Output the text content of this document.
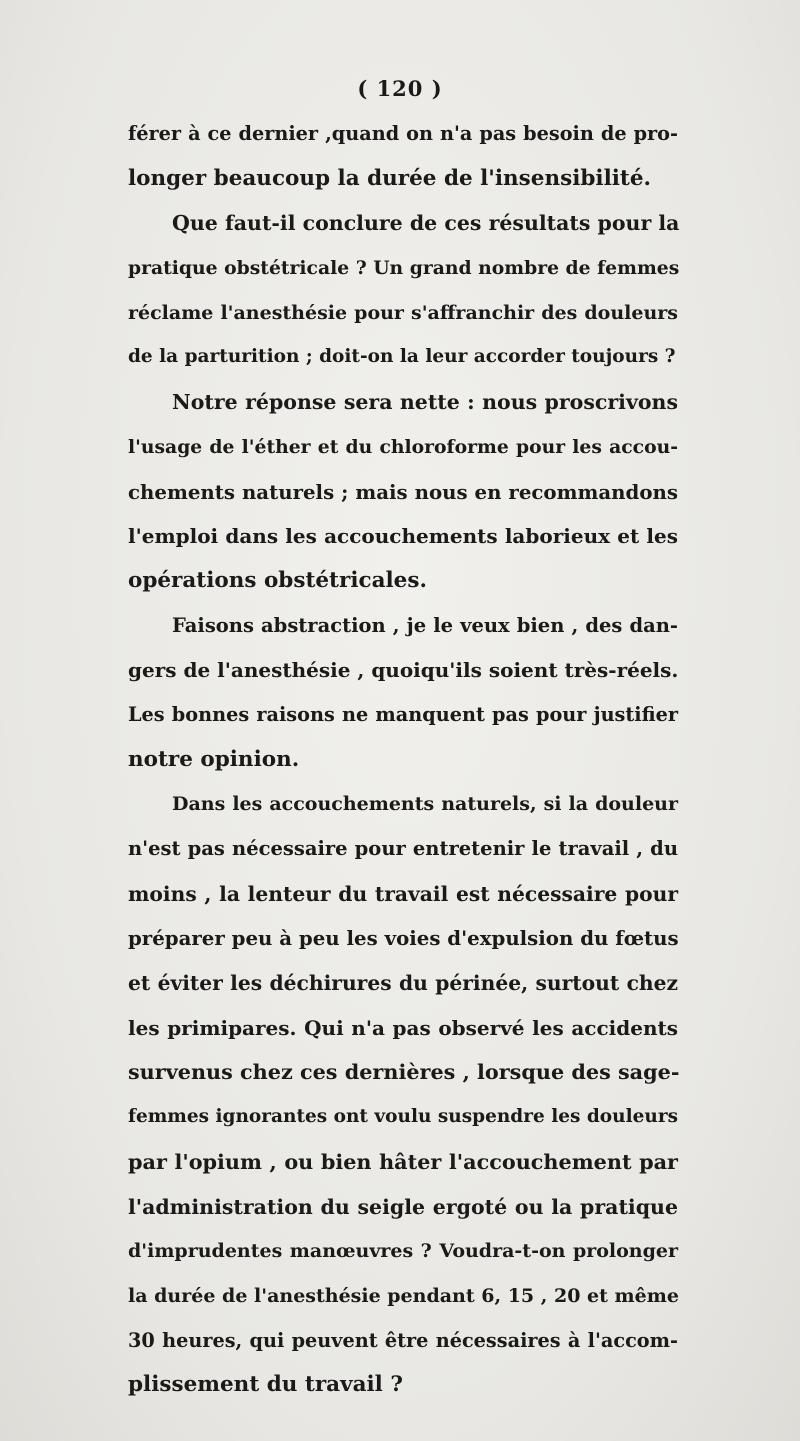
( 120 )
férer à ce dernier ,quand on n'a pas besoin de pro-
longer beaucoup la durée de l'insensibilité.
Que faut-il conclure de ces résultats pour la
pratique obstétricale ? Un grand nombre de femmes
réclame l'anesthésie pour s'affranchir des douleurs
de la parturition ; doit-on la leur accorder toujours ?
Notre réponse sera nette : nous proscrivons
l'usage de l'éther et du chloroforme pour les accou-
chements naturels ; mais nous en recommandons
l'emploi dans les accouchements laborieux et les
opérations obstétricales.
Faisons abstraction , je le veux bien , des dan-
gers de l'anesthésie , quoiqu'ils soient très-réels.
Les bonnes raisons ne manquent pas pour justifier
notre opinion.
Dans les accouchements naturels, si la douleur
n'est pas nécessaire pour entretenir le travail , du
moins , la lenteur du travail est nécessaire pour
préparer peu à peu les voies d'expulsion du fœtus
et éviter les déchirures du périnée, surtout chez
les primipares. Qui n'a pas observé les accidents
survenus chez ces dernières , lorsque des sage-
femmes ignorantes ont voulu suspendre les douleurs
par l'opium , ou bien hâter l'accouchement par
l'administration du seigle ergoté ou la pratique
d'imprudentes manœuvres ? Voudra-t-on prolonger
la durée de l'anesthésie pendant 6, 15 , 20 et même
30 heures, qui peuvent être nécessaires à l'accom-
plissement du travail ?
